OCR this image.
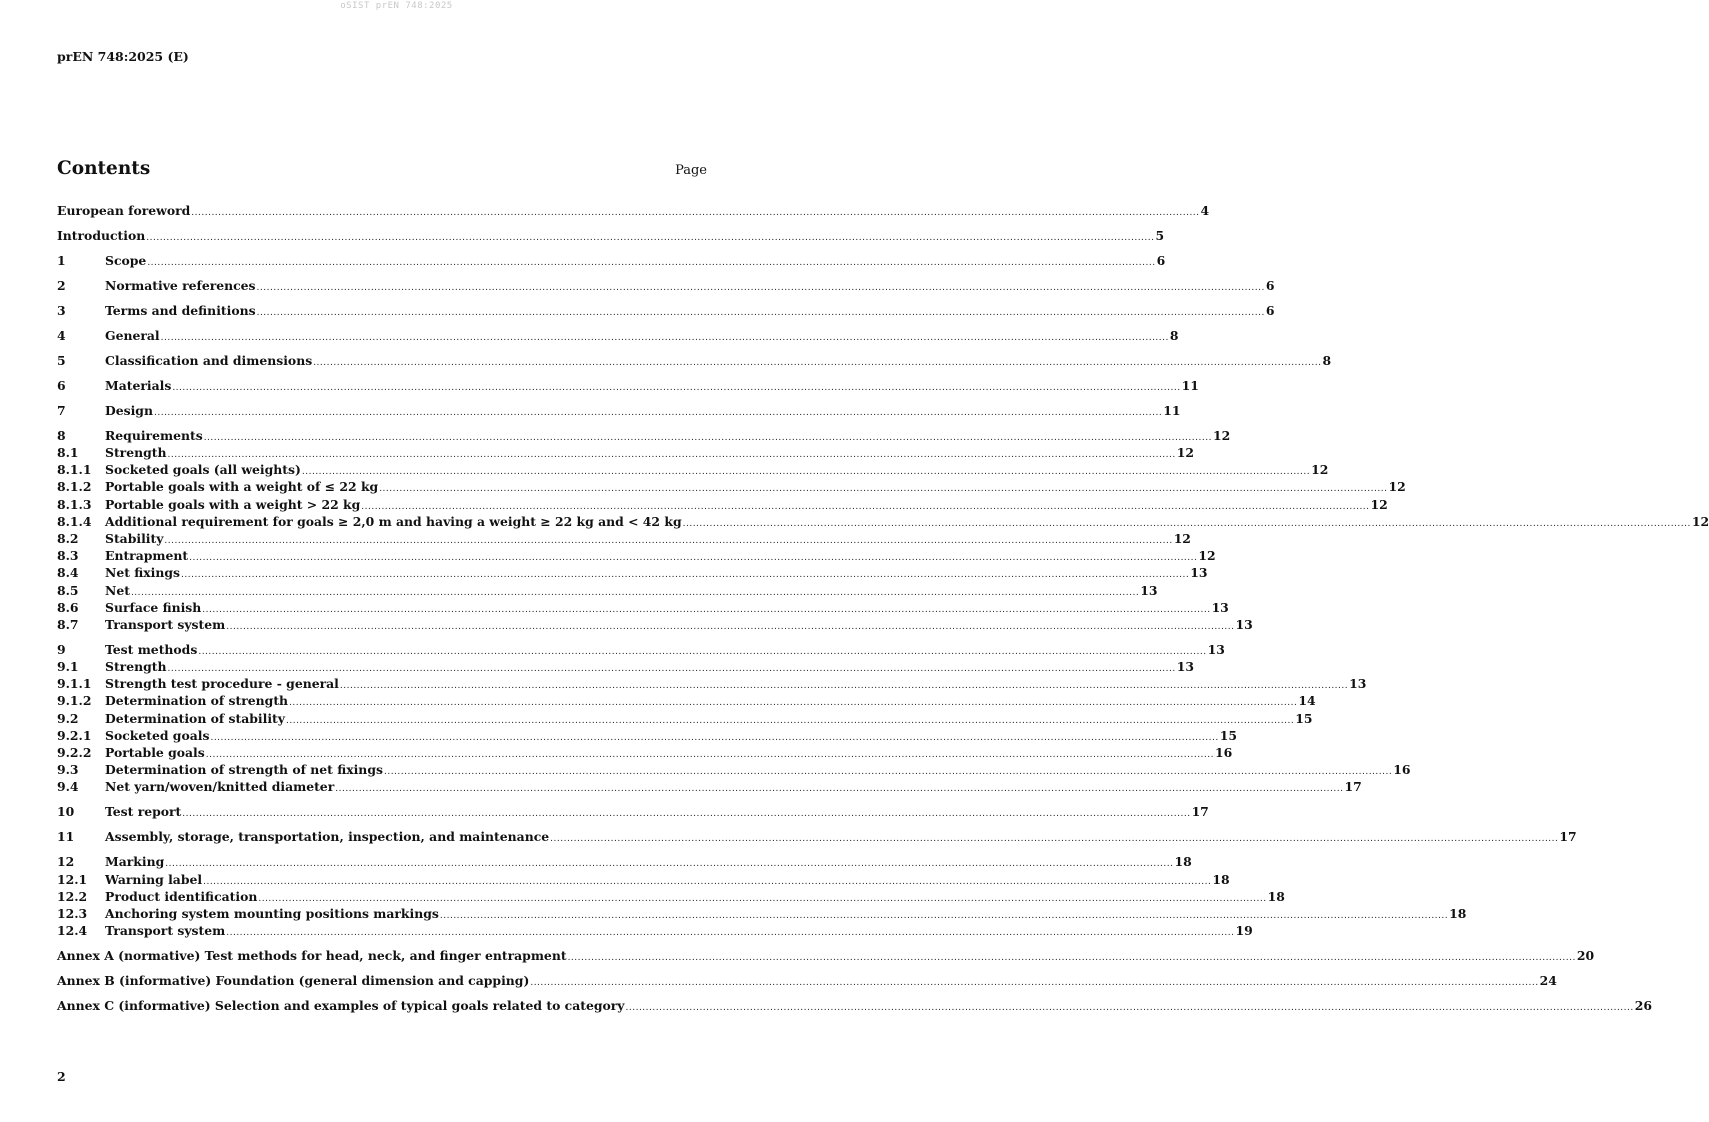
oSIST prEN 748:2025
prEN 748:2025 (E)
Contents	Page
European foreword ............................................................................................................................................................................................................................................................................................................ 4
Introduction ............................................................................................................................................................................................................................................................................................................ 5
1	Scope ............................................................................................................................................................................................................................................................................................................ 6
2	Normative references ............................................................................................................................................................................................................................................................................................................ 6
3	Terms and definitions ............................................................................................................................................................................................................................................................................................................ 6
4	General ............................................................................................................................................................................................................................................................................................................ 8
5	Classification and dimensions ............................................................................................................................................................................................................................................................................................................ 8
6	Materials ............................................................................................................................................................................................................................................................................................................ 11
7	Design ............................................................................................................................................................................................................................................................................................................ 11
8	Requirements ............................................................................................................................................................................................................................................................................................................ 12
8.1	Strength ............................................................................................................................................................................................................................................................................................................ 12
8.1.1	Socketed goals (all weights) ............................................................................................................................................................................................................................................................................................................ 12
8.1.2	Portable goals with a weight of ≤ 22 kg ............................................................................................................................................................................................................................................................................................................ 12
8.1.3	Portable goals with a weight > 22 kg ............................................................................................................................................................................................................................................................................................................ 12
8.1.4	Additional requirement for goals ≥ 2,0 m and having a weight ≥ 22 kg and < 42 kg ............................................................................................................................................................................................................................................................................................................ 12
8.2	Stability ............................................................................................................................................................................................................................................................................................................ 12
8.3	Entrapment ............................................................................................................................................................................................................................................................................................................ 12
8.4	Net fixings ............................................................................................................................................................................................................................................................................................................ 13
8.5	Net ............................................................................................................................................................................................................................................................................................................ 13
8.6	Surface finish ............................................................................................................................................................................................................................................................................................................ 13
8.7	Transport system ............................................................................................................................................................................................................................................................................................................ 13
9	Test methods ............................................................................................................................................................................................................................................................................................................ 13
9.1	Strength ............................................................................................................................................................................................................................................................................................................ 13
9.1.1	Strength test procedure - general ............................................................................................................................................................................................................................................................................................................ 13
9.1.2	Determination of strength ............................................................................................................................................................................................................................................................................................................ 14
9.2	Determination of stability ............................................................................................................................................................................................................................................................................................................ 15
9.2.1	Socketed goals ............................................................................................................................................................................................................................................................................................................ 15
9.2.2	Portable goals ............................................................................................................................................................................................................................................................................................................ 16
9.3	Determination of strength of net fixings ............................................................................................................................................................................................................................................................................................................ 16
9.4	Net yarn/woven/knitted diameter ............................................................................................................................................................................................................................................................................................................ 17
10	Test report ............................................................................................................................................................................................................................................................................................................ 17
11	Assembly, storage, transportation, inspection, and maintenance ............................................................................................................................................................................................................................................................................................................ 17
12	Marking ............................................................................................................................................................................................................................................................................................................ 18
12.1	Warning label ............................................................................................................................................................................................................................................................................................................ 18
12.2	Product identification ............................................................................................................................................................................................................................................................................................................ 18
12.3	Anchoring system mounting positions markings ............................................................................................................................................................................................................................................................................................................ 18
12.4	Transport system ............................................................................................................................................................................................................................................................................................................ 19
Annex A (normative) Test methods for head, neck, and finger entrapment ............................................................................................................................................................................................................................................................................................................ 20
Annex B (informative) Foundation (general dimension and capping) ............................................................................................................................................................................................................................................................................................................ 24
Annex C (informative) Selection and examples of typical goals related to category ............................................................................................................................................................................................................................................................................................................ 26
2
